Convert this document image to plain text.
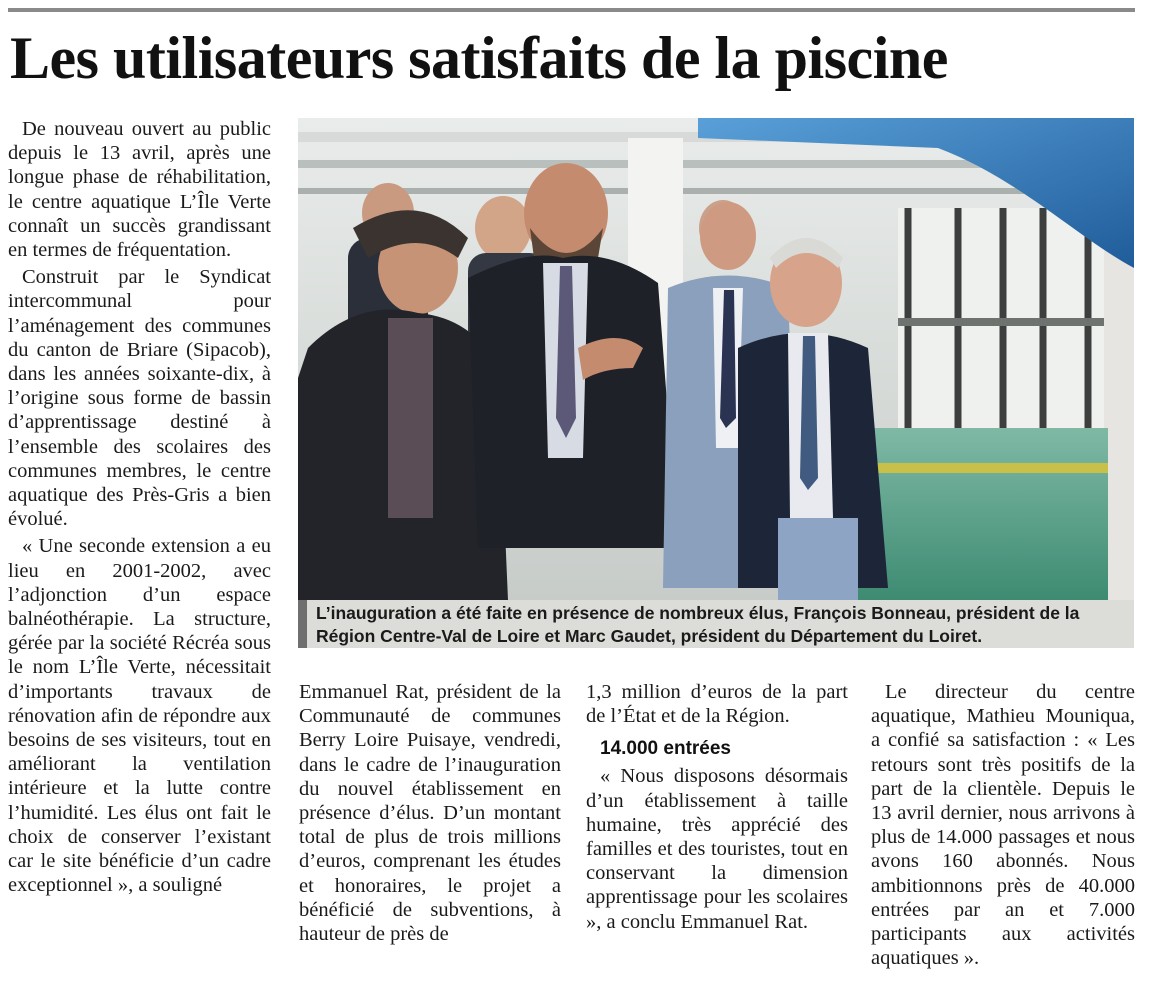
Les utilisateurs satisfaits de la piscine

De nouveau ouvert au public depuis le 13 avril, après une longue phase de réhabilitation, le centre aquatique L’Île Verte connaît un succès grandissant en termes de fréquentation.

Construit par le Syndicat intercommunal pour l’aménagement des communes du canton de Briare (Sipacob), dans les années soixante-dix, à l’origine sous forme de bassin d’apprentissage destiné à l’ensemble des scolaires des communes membres, le centre aquatique des Près-Gris a bien évolué.

« Une seconde extension a eu lieu en 2001-2002, avec l’adjonction d’un espace balnéothérapie. La structure, gérée par la société Récréa sous le nom L’Île Verte, nécessitait d’importants travaux de rénovation afin de répondre aux besoins de ses visiteurs, tout en améliorant la ventilation intérieure et la lutte contre l’humidité. Les élus ont fait le choix de conserver l’existant car le site bénéficie d’un cadre exceptionnel », a souligné

L’inauguration a été faite en présence de nombreux élus, François Bonneau, président de la Région Centre-Val de Loire et Marc Gaudet, président du Département du Loiret.

Emmanuel Rat, président de la Communauté de communes Berry Loire Puisaye, vendredi, dans le cadre de l’inauguration du nouvel établissement en présence d’élus. D’un montant total de plus de trois millions d’euros, comprenant les études et honoraires, le projet a bénéficié de subventions, à hauteur de près de

1,3 million d’euros de la part de l’État et de la Région.

14.000 entrées

« Nous disposons désormais d’un établissement à taille humaine, très apprécié des familles et des touristes, tout en conservant la dimension apprentissage pour les scolaires », a conclu Emmanuel Rat.

Le directeur du centre aquatique, Mathieu Mouniqua, a confié sa satisfaction : « Les retours sont très positifs de la part de la clientèle. Depuis le 13 avril dernier, nous arrivons à plus de 14.000 passages et nous avons 160 abonnés. Nous ambitionnons près de 40.000 entrées par an et 7.000 participants aux activités aquatiques ».
